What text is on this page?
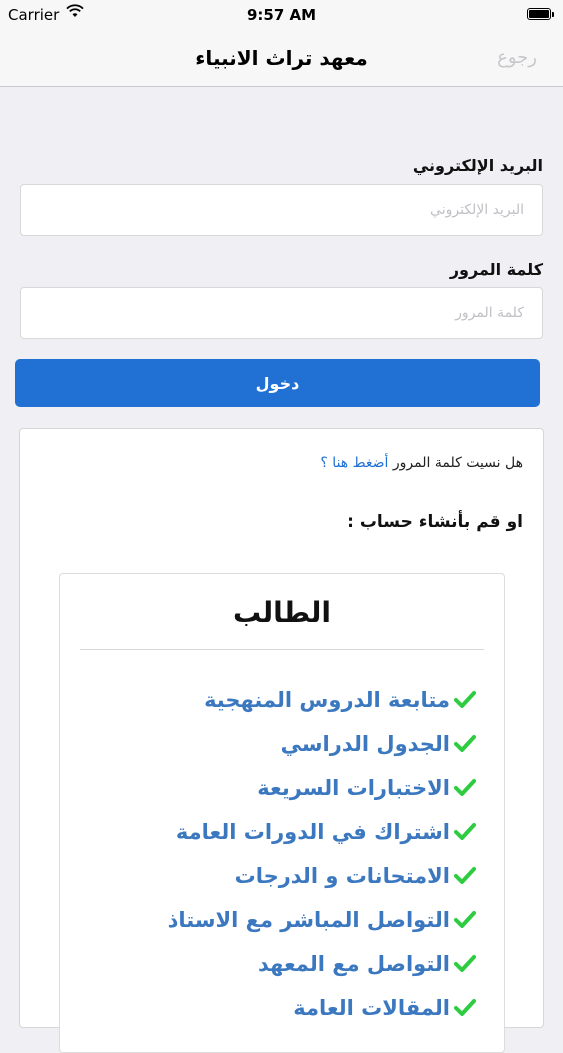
Carrier	9:57 AM
معهد تراث الانبياء	رجوع
البريد الإلكتروني
البريد الإلكتروني
كلمة المرور
دخول
هل نسيت كلمة المرور أضغط هنا ؟
او قم بأنشاء حساب :
الطالب
متابعة الدروس المنهجية
الجدول الدراسي
الاختبارات السريعة
اشتراك في الدورات العامة
الامتحانات و الدرجات
التواصل المباشر مع الاستاذ
التواصل مع المعهد
المقالات العامة
